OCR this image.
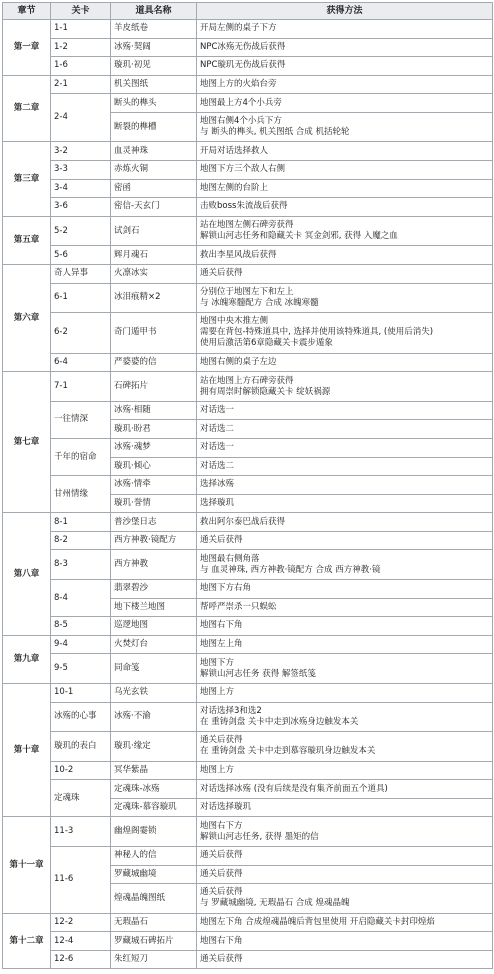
章节	关卡	道具名称	获得方法
第一章	1-1	羊皮纸卷	开局左侧的桌子下方

	1-2	冰殇·契阔	NPC冰殇无伤战后获得

	1-6	璇玑·初见	NPC璇玑无伤战后获得

第二章	2-1	机关图纸	地图上方的火焰台旁

	2-4	断头的榫头	地图最上方4个小兵旁

		断裂的榫槽	地图右侧4个小兵下方
与 断头的榫头, 机关图纸 合成 机括轮轮

第三章	3-2	血灵神珠	开局对话选择救人

	3-3	赤炼火铜	地图下方三个敌人右侧

	3-4	密函	地图左侧的台阶上

	3-6	密信-天玄门	击败boss朱流战后获得

第五章	5-2	试剑石	站在地图左侧石碑旁获得
解锁山河志任务和隐藏关卡 冥金剑邪, 获得 入魔之血

	5-6	辉月魂石	救出李星风战后获得

第六章	奇人异事	火凛冰实	通关后获得

	6-1	冰泪痕精×2	分别位于地图左下和左上
与 冰魄寒髓配方 合成 冰魄寒髓

	6-2	奇门遁甲书	地图中央木推左侧
需要在背包-特殊道具中, 选择并使用该特殊道具, (使用后消失)
使用后激活第6章隐藏关卡震步遁象

	6-4	严婆婆的信	地图右侧的桌子左边

第七章	7-1	石碑拓片	站在地图上方石碑旁获得
拥有周崇时解锁隐藏关卡 绽妖祸源

	一往情深	冰殇·相随	对话选一

		璇玑·盼君	对话选二

	千年的宿命	冰殇·魂梦	对话选一

		璇玑·倾心	对话选二

	甘州情缘	冰殇·情牵	选择冰殇

		璇玑·誉情	选择璇玑

第八章	8-1	普沙堡日志	救出阿尔泰巴战后获得

	8-2	西方神教·镜配方	通关后获得

	8-3	西方神教	地图最右侧角落
与 血灵神珠, 西方神教·镜配方 合成 西方神教·镜

	8-4	翡翠碧沙	地图下方右角

		地下楼兰地图	帮呼严崇杀一只蜈蚣

	8-5	巡逻地图	地图右下角

第九章	9-4	火焚灯台	地图左上角

	9-5	同命笺	地图下方
解锁山河志任务 获得 解签纸笺

第十章	10-1	乌光玄铁	地图上方

	冰殇的心事	冰殇·不渝	对话选择3和选2
在 重铸剑盘 关卡中走到冰殇身边触发本关

	璇玑的表白	璇玑·缘定	通关后获得
在 重铸剑盘 关卡中走到慕容璇玑身边触发本关

	10-2	冥华紫晶	地图上方

	定魂珠	定魂珠-冰殇	对话选择冰殇 (没有后续是没有集齐前面五个道具)

		定魂珠-慕容璇玑	对话选择璇玑

第十一章	11-3	幽煌阁霎锁	地图右下方
解锁山河志任务, 获得 墨矩的信

	11-6	神秘人的信	通关后获得

		罗藏城幽境	通关后获得

		煌魂晶魄图纸	通关后获得
与 罗藏城幽境, 无瑕晶石 合成 煌魂晶魄

第十二章	12-2	无瑕晶石	地图左下角 合成煌魂晶魄后背包里使用 开启隐藏关卡封印煌焰

	12-4	罗藏城石碑拓片	地图右下角

	12-6	朱红短刀	通关后获得
